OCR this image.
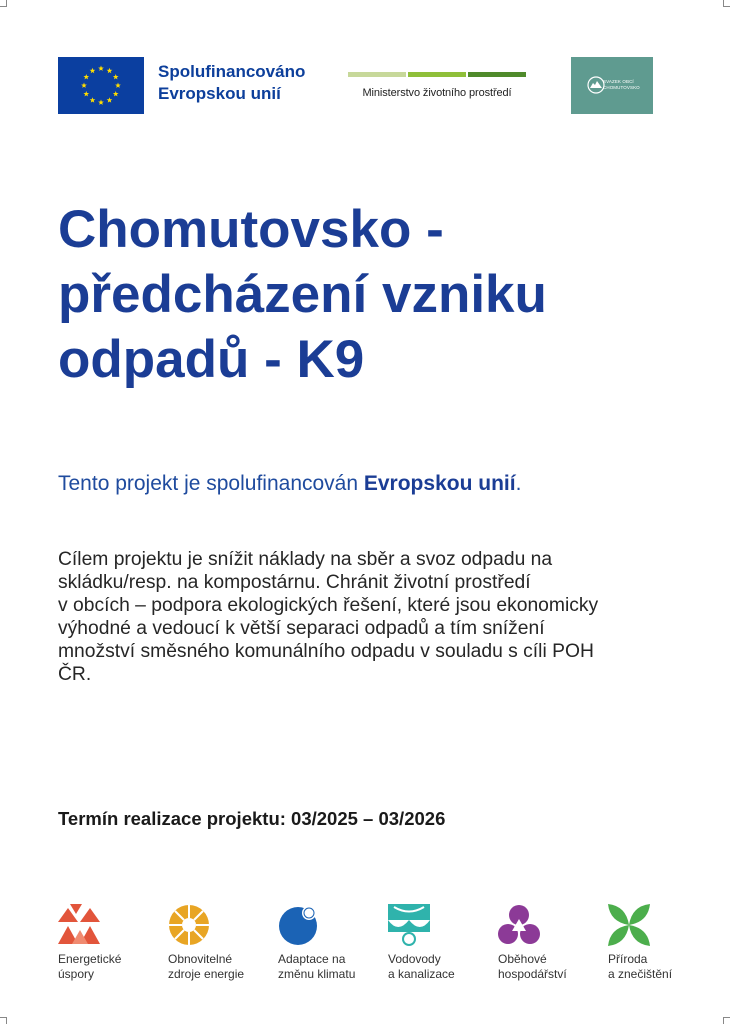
Spolufinancováno
Evropskou unií	Ministerstvo životního prostředí
SVAZEK OBCÍ
CHOMUTOVSKO
Chomutovsko -
předcházení vzniku
odpadů - K9

Tento projekt je spolufinancován Evropskou unií.

Cílem projektu je snížit náklady na sběr a svoz odpadu na
skládku/resp. na kompostárnu. Chránit životní prostředí
v obcích – podpora ekologických řešení, které jsou ekonomicky
výhodné a vedoucí k větší separaci odpadů a tím snížení
množství směsného komunálního odpadu v souladu s cíli POH
ČR.

Termín realizace projektu: 03/2025 – 03/2026

Energetické
úspory
Obnovitelné
zdroje energie
Adaptace na
změnu klimatu
Vodovody
a kanalizace
Oběhové
hospodářství
Příroda
a znečištění
